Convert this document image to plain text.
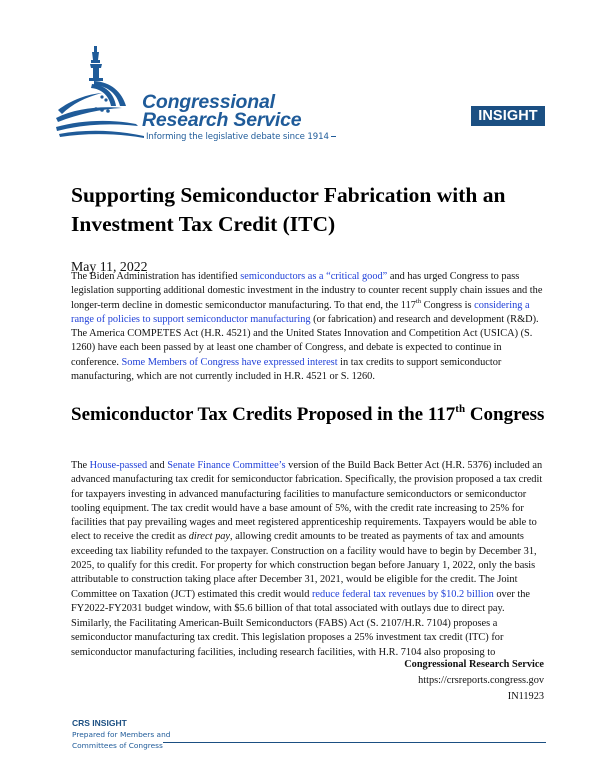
Congressional
Research Service
Informing the legislative debate since 1914
INSIGHT
Supporting Semiconductor Fabrication with an Investment Tax Credit (ITC)
May 11, 2022
The Biden Administration has identified semiconductors as a “critical good” and has urged Congress to pass legislation supporting additional domestic investment in the industry to counter recent supply chain issues and the longer-term decline in domestic semiconductor manufacturing. To that end, the 117th Congress is considering a range of policies to support semiconductor manufacturing (or fabrication) and research and development (R&D). The America COMPETES Act (H.R. 4521) and the United States Innovation and Competition Act (USICA) (S. 1260) have each been passed by at least one chamber of Congress, and debate is expected to continue in conference. Some Members of Congress have expressed interest in tax credits to support semiconductor manufacturing, which are not currently included in H.R. 4521 or S. 1260.
Semiconductor Tax Credits Proposed in the 117th Congress
The House-passed and Senate Finance Committee’s version of the Build Back Better Act (H.R. 5376) included an advanced manufacturing tax credit for semiconductor fabrication. Specifically, the provision proposed a tax credit for taxpayers investing in advanced manufacturing facilities to manufacture semiconductors or semiconductor tooling equipment. The tax credit would have a base amount of 5%, with the credit rate increasing to 25% for facilities that pay prevailing wages and meet registered apprenticeship requirements. Taxpayers would be able to elect to receive the credit as direct pay, allowing credit amounts to be treated as payments of tax and amounts exceeding tax liability refunded to the taxpayer. Construction on a facility would have to begin by December 31, 2025, to qualify for this credit. For property for which construction began before January 1, 2022, only the basis attributable to construction taking place after December 31, 2021, would be eligible for the credit. The Joint Committee on Taxation (JCT) estimated this credit would reduce federal tax revenues by $10.2 billion over the FY2022-FY2031 budget window, with $5.6 billion of that total associated with outlays due to direct pay.
Similarly, the Facilitating American-Built Semiconductors (FABS) Act (S. 2107/H.R. 7104) proposes a semiconductor manufacturing tax credit. This legislation proposes a 25% investment tax credit (ITC) for semiconductor manufacturing facilities, including research facilities, with H.R. 7104 also proposing to
Congressional Research Service
https://crsreports.congress.gov
IN11923
CRS INSIGHT
Prepared for Members and
Committees of Congress
